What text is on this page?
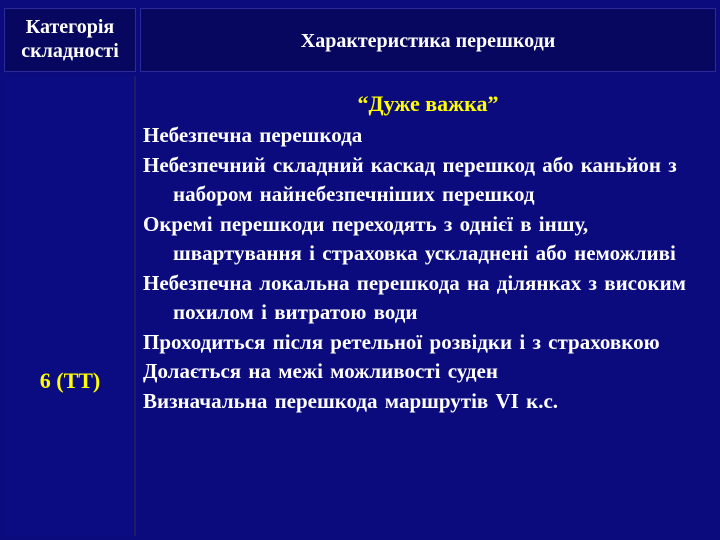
Категорія
складності	Характеристика перешкоди
6 (ТТ)
“Дуже важка”
Небезпечна перешкода
Небезпечний складний каскад перешкод або каньйон з набором найнебезпечніших перешкод
Окремі перешкоди переходять з однієї в іншу, швартування і страховка ускладнені або неможливі
Небезпечна локальна перешкода на ділянках з високим похилом і витратою води
Проходиться після ретельної розвідки і з страховкою
Долається на межі можливості суден
Визначальна перешкода маршрутів VI к.с.
